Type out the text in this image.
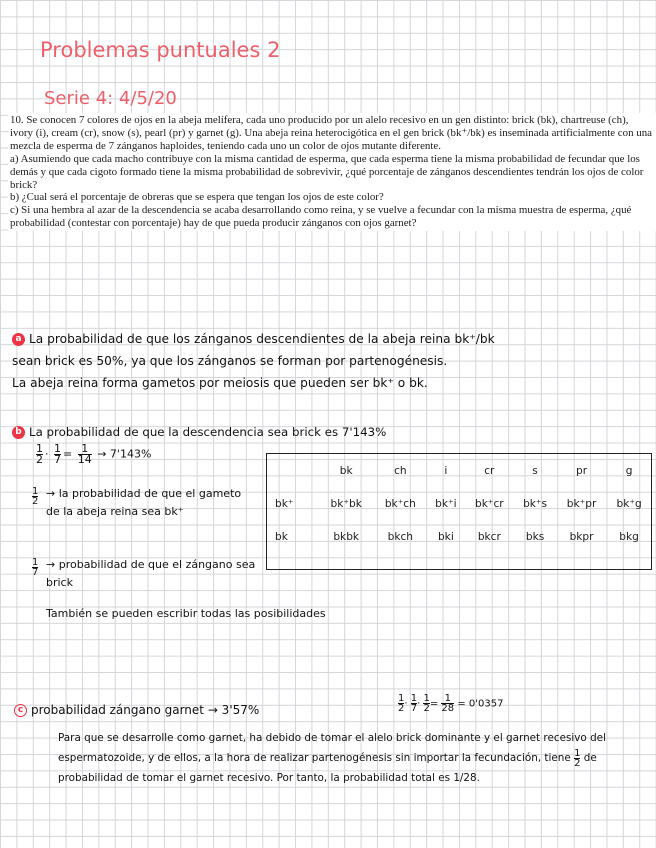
Problemas puntuales 2
Serie 4: 4/5/20

10. Se conocen 7 colores de ojos en la abeja melífera, cada uno producido por un alelo recesivo en un gen distinto: brick (bk), chartreuse (ch), ivory (i), cream (cr), snow (s), pearl (pr) y garnet (g). Una abeja reina heterocigótica en el gen brick (bk⁺/bk) es inseminada artificialmente con una mezcla de esperma de 7 zánganos haploides, teniendo cada uno un color de ojos mutante diferente.

a) Asumiendo que cada macho contribuye con la misma cantidad de esperma, que cada esperma tiene la misma probabilidad de fecundar que los demás y que cada cigoto formado tiene la misma probabilidad de sobrevivir, ¿qué porcentaje de zánganos descendientes tendrán los ojos de color brick?

b) ¿Cual será el porcentaje de obreras que se espera que tengan los ojos de este color?

c) Si una hembra al azar de la descendencia se acaba desarrollando como reina, y se vuelve a fecundar con la misma muestra de esperma, ¿qué probabilidad (contestar con porcentaje) hay de que pueda producir zánganos con ojos garnet?

a La probabilidad de que los zánganos descendientes de la abeja reina bk⁺/bk
sean brick es 50%, ya que los zánganos se forman por partenogénesis.
La abeja reina forma gametos por meiosis que pueden ser bk⁺ o bk.
b La probabilidad de que la descendencia sea brick es 7'143%
$\frac{1}{2} \cdot \frac{1}{7} = \frac{1}{14} \to 7'143\%$
$\frac{1}{2}$ → la probabilidad de que el gameto de la abeja reina sea bk⁺
$\frac{1}{7}$ → probabilidad de que el zángano sea brick
También se pueden escribir todas las posibilidades
	bk	ch	i	cr	s	pr	g
bk⁺	bk⁺bk	bk⁺ch	bk⁺i	bk⁺cr	bk⁺s	bk⁺pr	bk⁺g
bk	bkbk	bkch	bki	bkcr	bks	bkpr	bkg
c probabilidad zángano garnet → 3'57%	$\frac{1}{2} \cdot \frac{1}{7} \cdot \frac{1}{2} = \frac{1}{28} = 0'0357$
Para que se desarrolle como garnet, ha debido de tomar el alelo brick dominante y el garnet recesivo del espermatozoide, y de ellos, a la hora de realizar partenogénesis sin importar la fecundación, tiene $\frac{1}{2}$ de probabilidad de tomar el garnet recesivo. Por tanto, la probabilidad total es 1/28.
